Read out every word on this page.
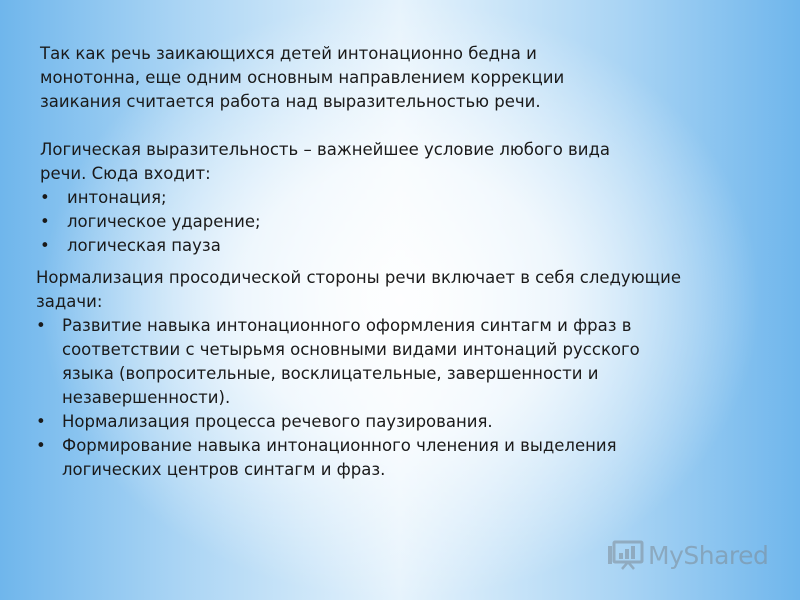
Так как речь заикающихся детей интонационно бедна и монотонна, еще одним основным направлением коррекции заикания считается работа над выразительностью речи.

Логическая выразительность – важнейшее условие любого вида речи. Сюда входит:

• интонация;
• логическое ударение;
• логическая пауза

Нормализация просодической стороны речи включает в себя следующие задачи:

• Развитие навыка интонационного оформления синтагм и фраз в соответствии с четырьмя основными видами интонаций русского языка (вопросительные, восклицательные, завершенности и незавершенности).
• Нормализация процесса речевого паузирования.
• Формирование навыка интонационного членения и выделения логических центров синтагм и фраз.
MyShared
